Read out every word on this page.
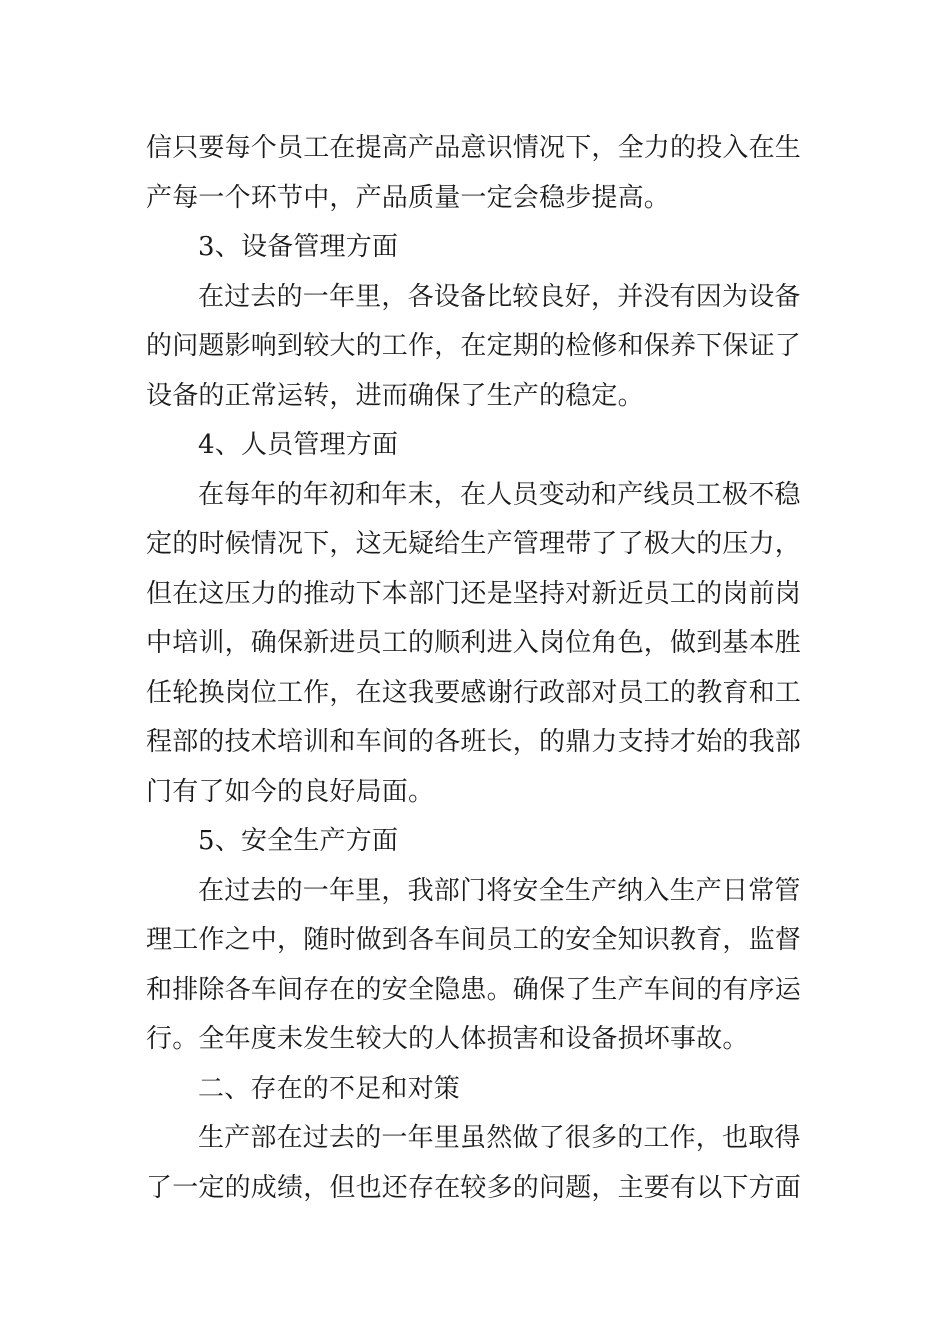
信只要每个员工在提高产品意识情况下，全力的投入在生
产每一个环节中，产品质量一定会稳步提高。
3、设备管理方面
在过去的一年里，各设备比较良好，并没有因为设备
的问题影响到较大的工作，在定期的检修和保养下保证了
设备的正常运转，进而确保了生产的稳定。
4、人员管理方面
在每年的年初和年末，在人员变动和产线员工极不稳
定的时候情况下，这无疑给生产管理带了了极大的压力，
但在这压力的推动下本部门还是坚持对新近员工的岗前岗
中培训，确保新进员工的顺利进入岗位角色，做到基本胜
任轮换岗位工作，在这我要感谢行政部对员工的教育和工
程部的技术培训和车间的各班长，的鼎力支持才始的我部
门有了如今的良好局面。
5、安全生产方面
在过去的一年里，我部门将安全生产纳入生产日常管
理工作之中，随时做到各车间员工的安全知识教育，监督
和排除各车间存在的安全隐患。确保了生产车间的有序运
行。全年度未发生较大的人体损害和设备损坏事故。
二、存在的不足和对策
生产部在过去的一年里虽然做了很多的工作，也取得
了一定的成绩，但也还存在较多的问题，主要有以下方面
